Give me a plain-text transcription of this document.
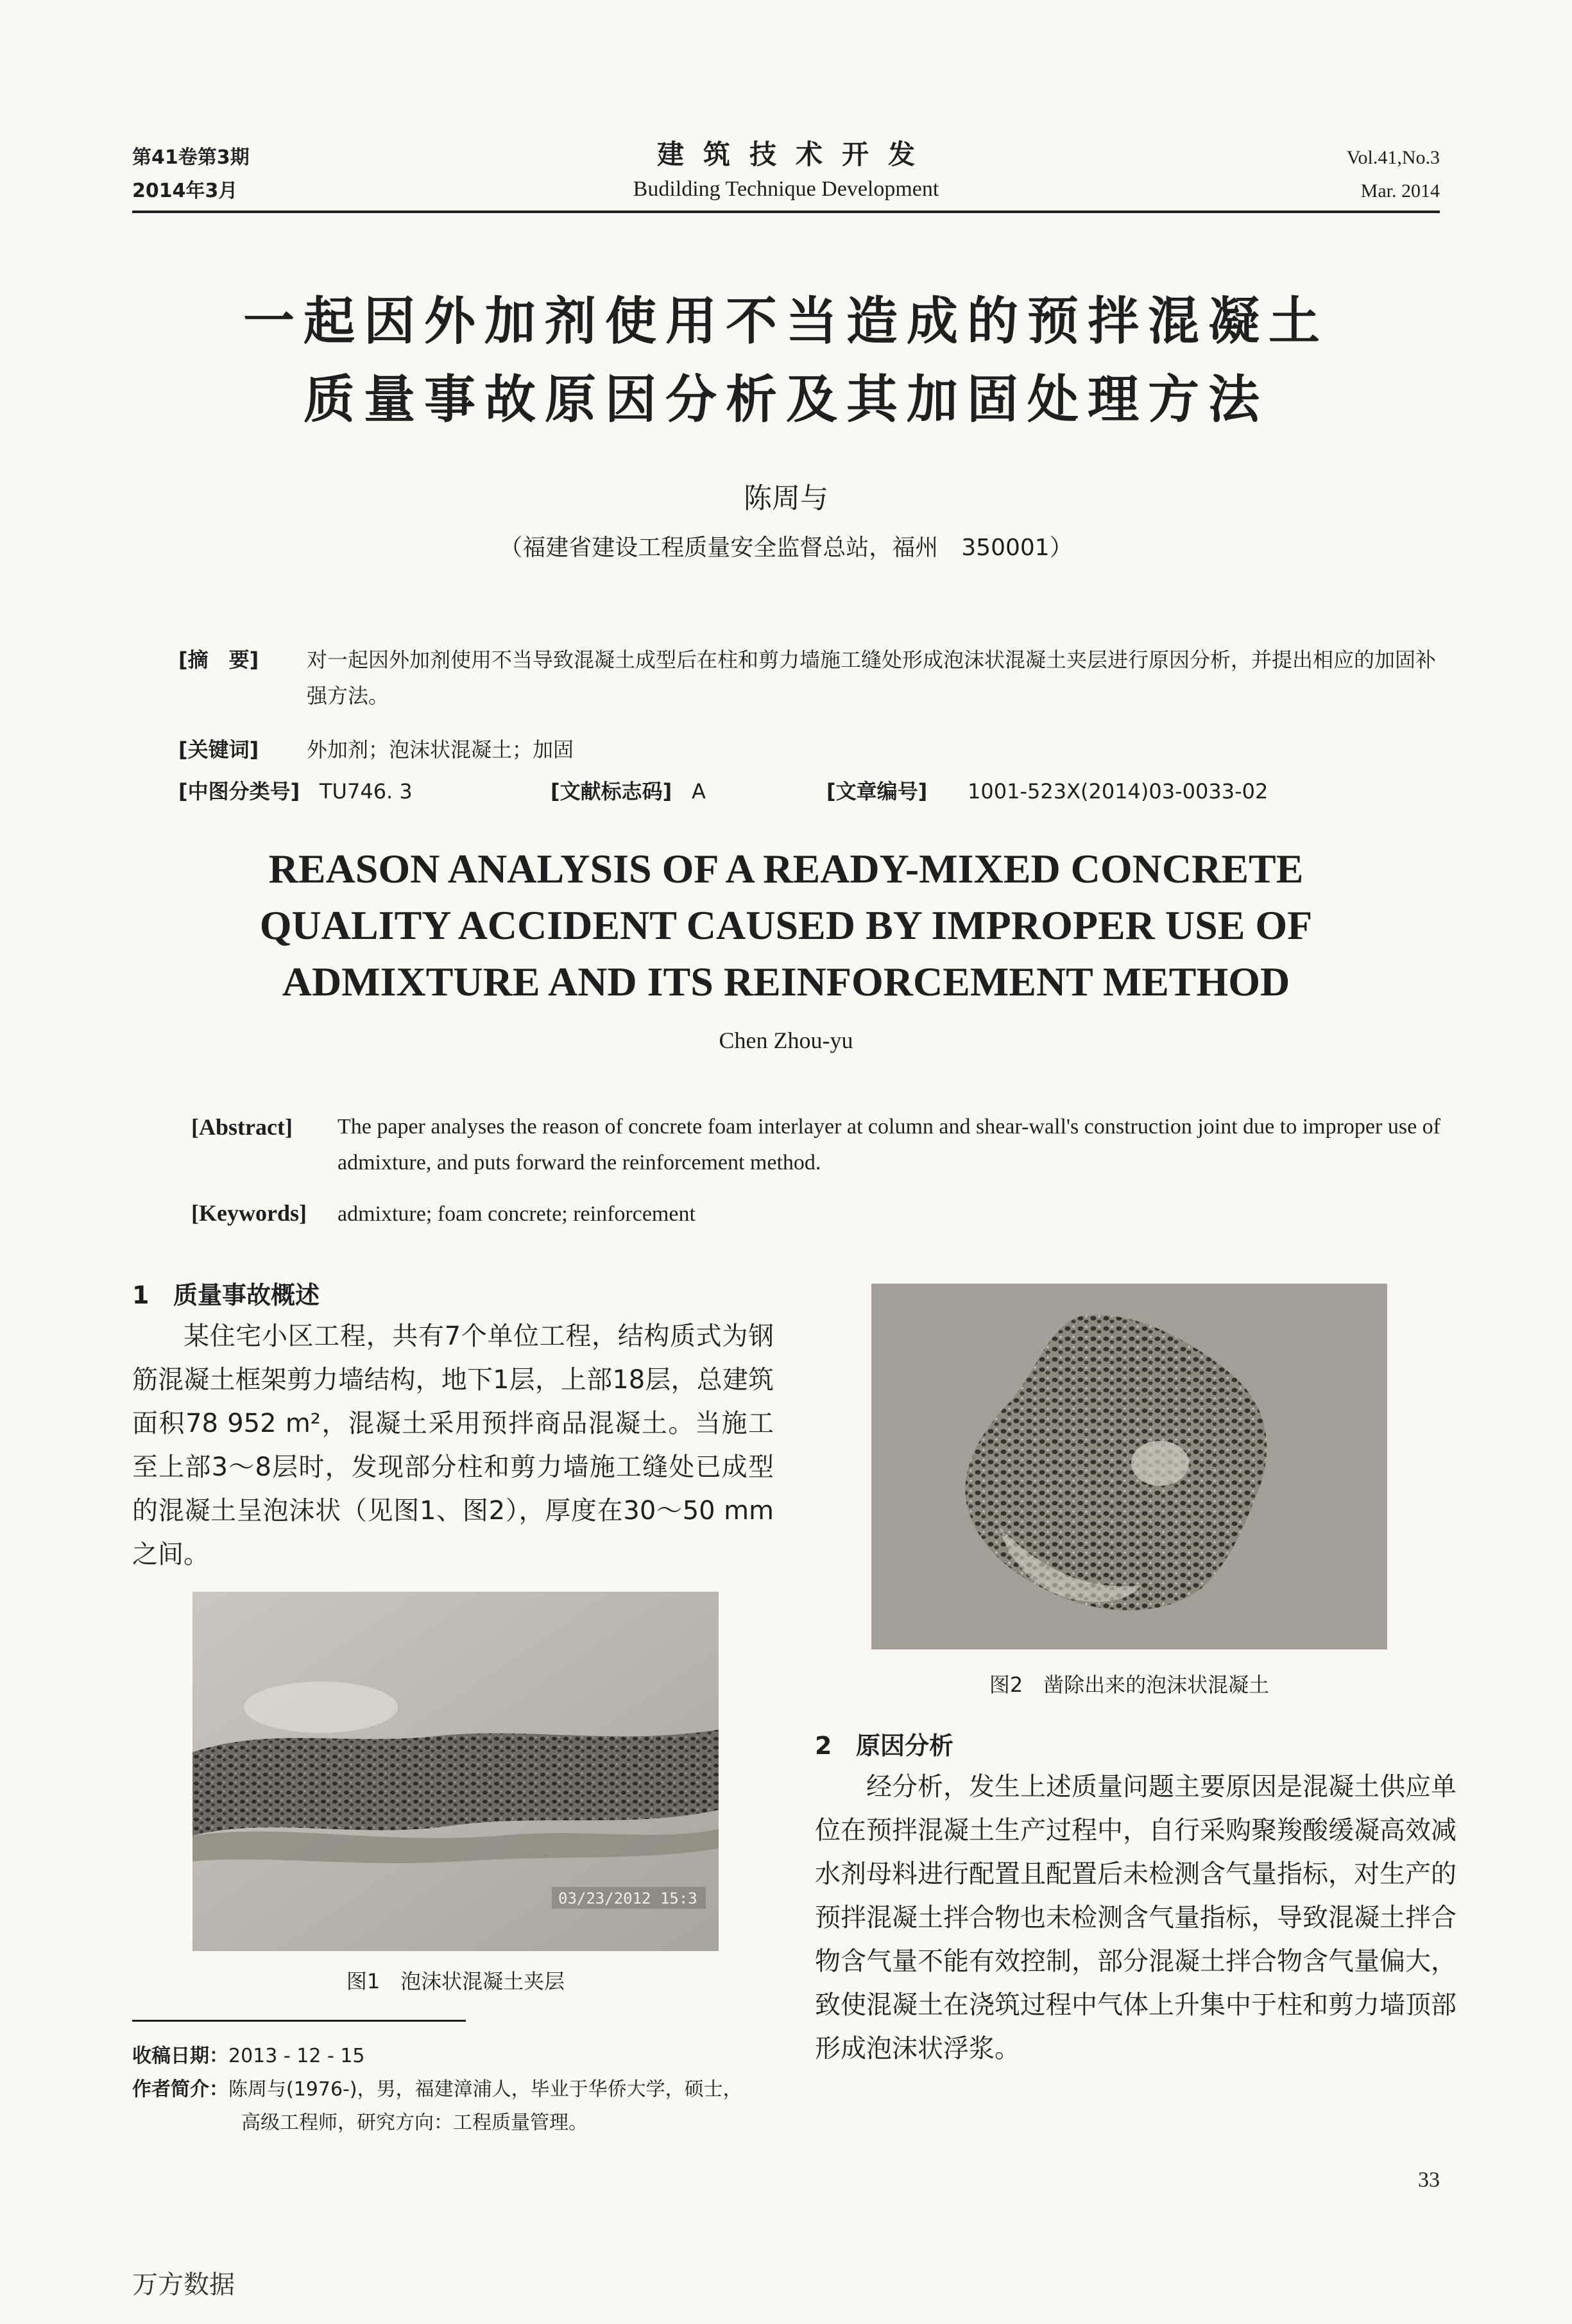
第41卷第3期
2014年3月
建筑技术开发
Budilding Technique Development
Vol.41,No.3
Mar. 2014
一起因外加剂使用不当造成的预拌混凝土
质量事故原因分析及其加固处理方法
陈周与
（福建省建设工程质量安全监督总站，福州　350001）
[摘　要] 对一起因外加剂使用不当导致混凝土成型后在柱和剪力墙施工缝处形成泡沫状混凝土夹层进行原因分析，并提出相应的加固补强方法。
[关键词] 外加剂；泡沫状混凝土；加固
[中图分类号] TU746. 3	[文献标志码] A	[文章编号] 1001-523X(2014)03-0033-02
REASON ANALYSIS OF A READY-MIXED CONCRETE
QUALITY ACCIDENT CAUSED BY IMPROPER USE OF
ADMIXTURE AND ITS REINFORCEMENT METHOD
Chen Zhou-yu
[Abstract] The paper analyses the reason of concrete foam interlayer at column and shear-wall's construction joint due to improper use of admixture, and puts forward the reinforcement method.
[Keywords] admixture; foam concrete; reinforcement
1 质量事故概述

某住宅小区工程，共有7个单位工程，结构质式为钢筋混凝土框架剪力墙结构，地下1层，上部18层，总建筑面积78 952 m²，混凝土采用预拌商品混凝土。当施工至上部3～8层时，发现部分柱和剪力墙施工缝处已成型的混凝土呈泡沫状（见图1、图2），厚度在30～50 mm之间。

03/23/2012 15:3
图1　泡沫状混凝土夹层
图2　凿除出来的泡沫状混凝土
2 原因分析

经分析，发生上述质量问题主要原因是混凝土供应单位在预拌混凝土生产过程中，自行采购聚羧酸缓凝高效减水剂母料进行配置且配置后未检测含气量指标，对生产的预拌混凝土拌合物也未检测含气量指标，导致混凝土拌合物含气量不能有效控制，部分混凝土拌合物含气量偏大，致使混凝土在浇筑过程中气体上升集中于柱和剪力墙顶部形成泡沫状浮浆。

收稿日期：2013 - 12 - 15
作者简介：陈周与(1976-)，男，福建漳浦人，毕业于华侨大学，硕士，
高级工程师，研究方向：工程质量管理。
33
万方数据
